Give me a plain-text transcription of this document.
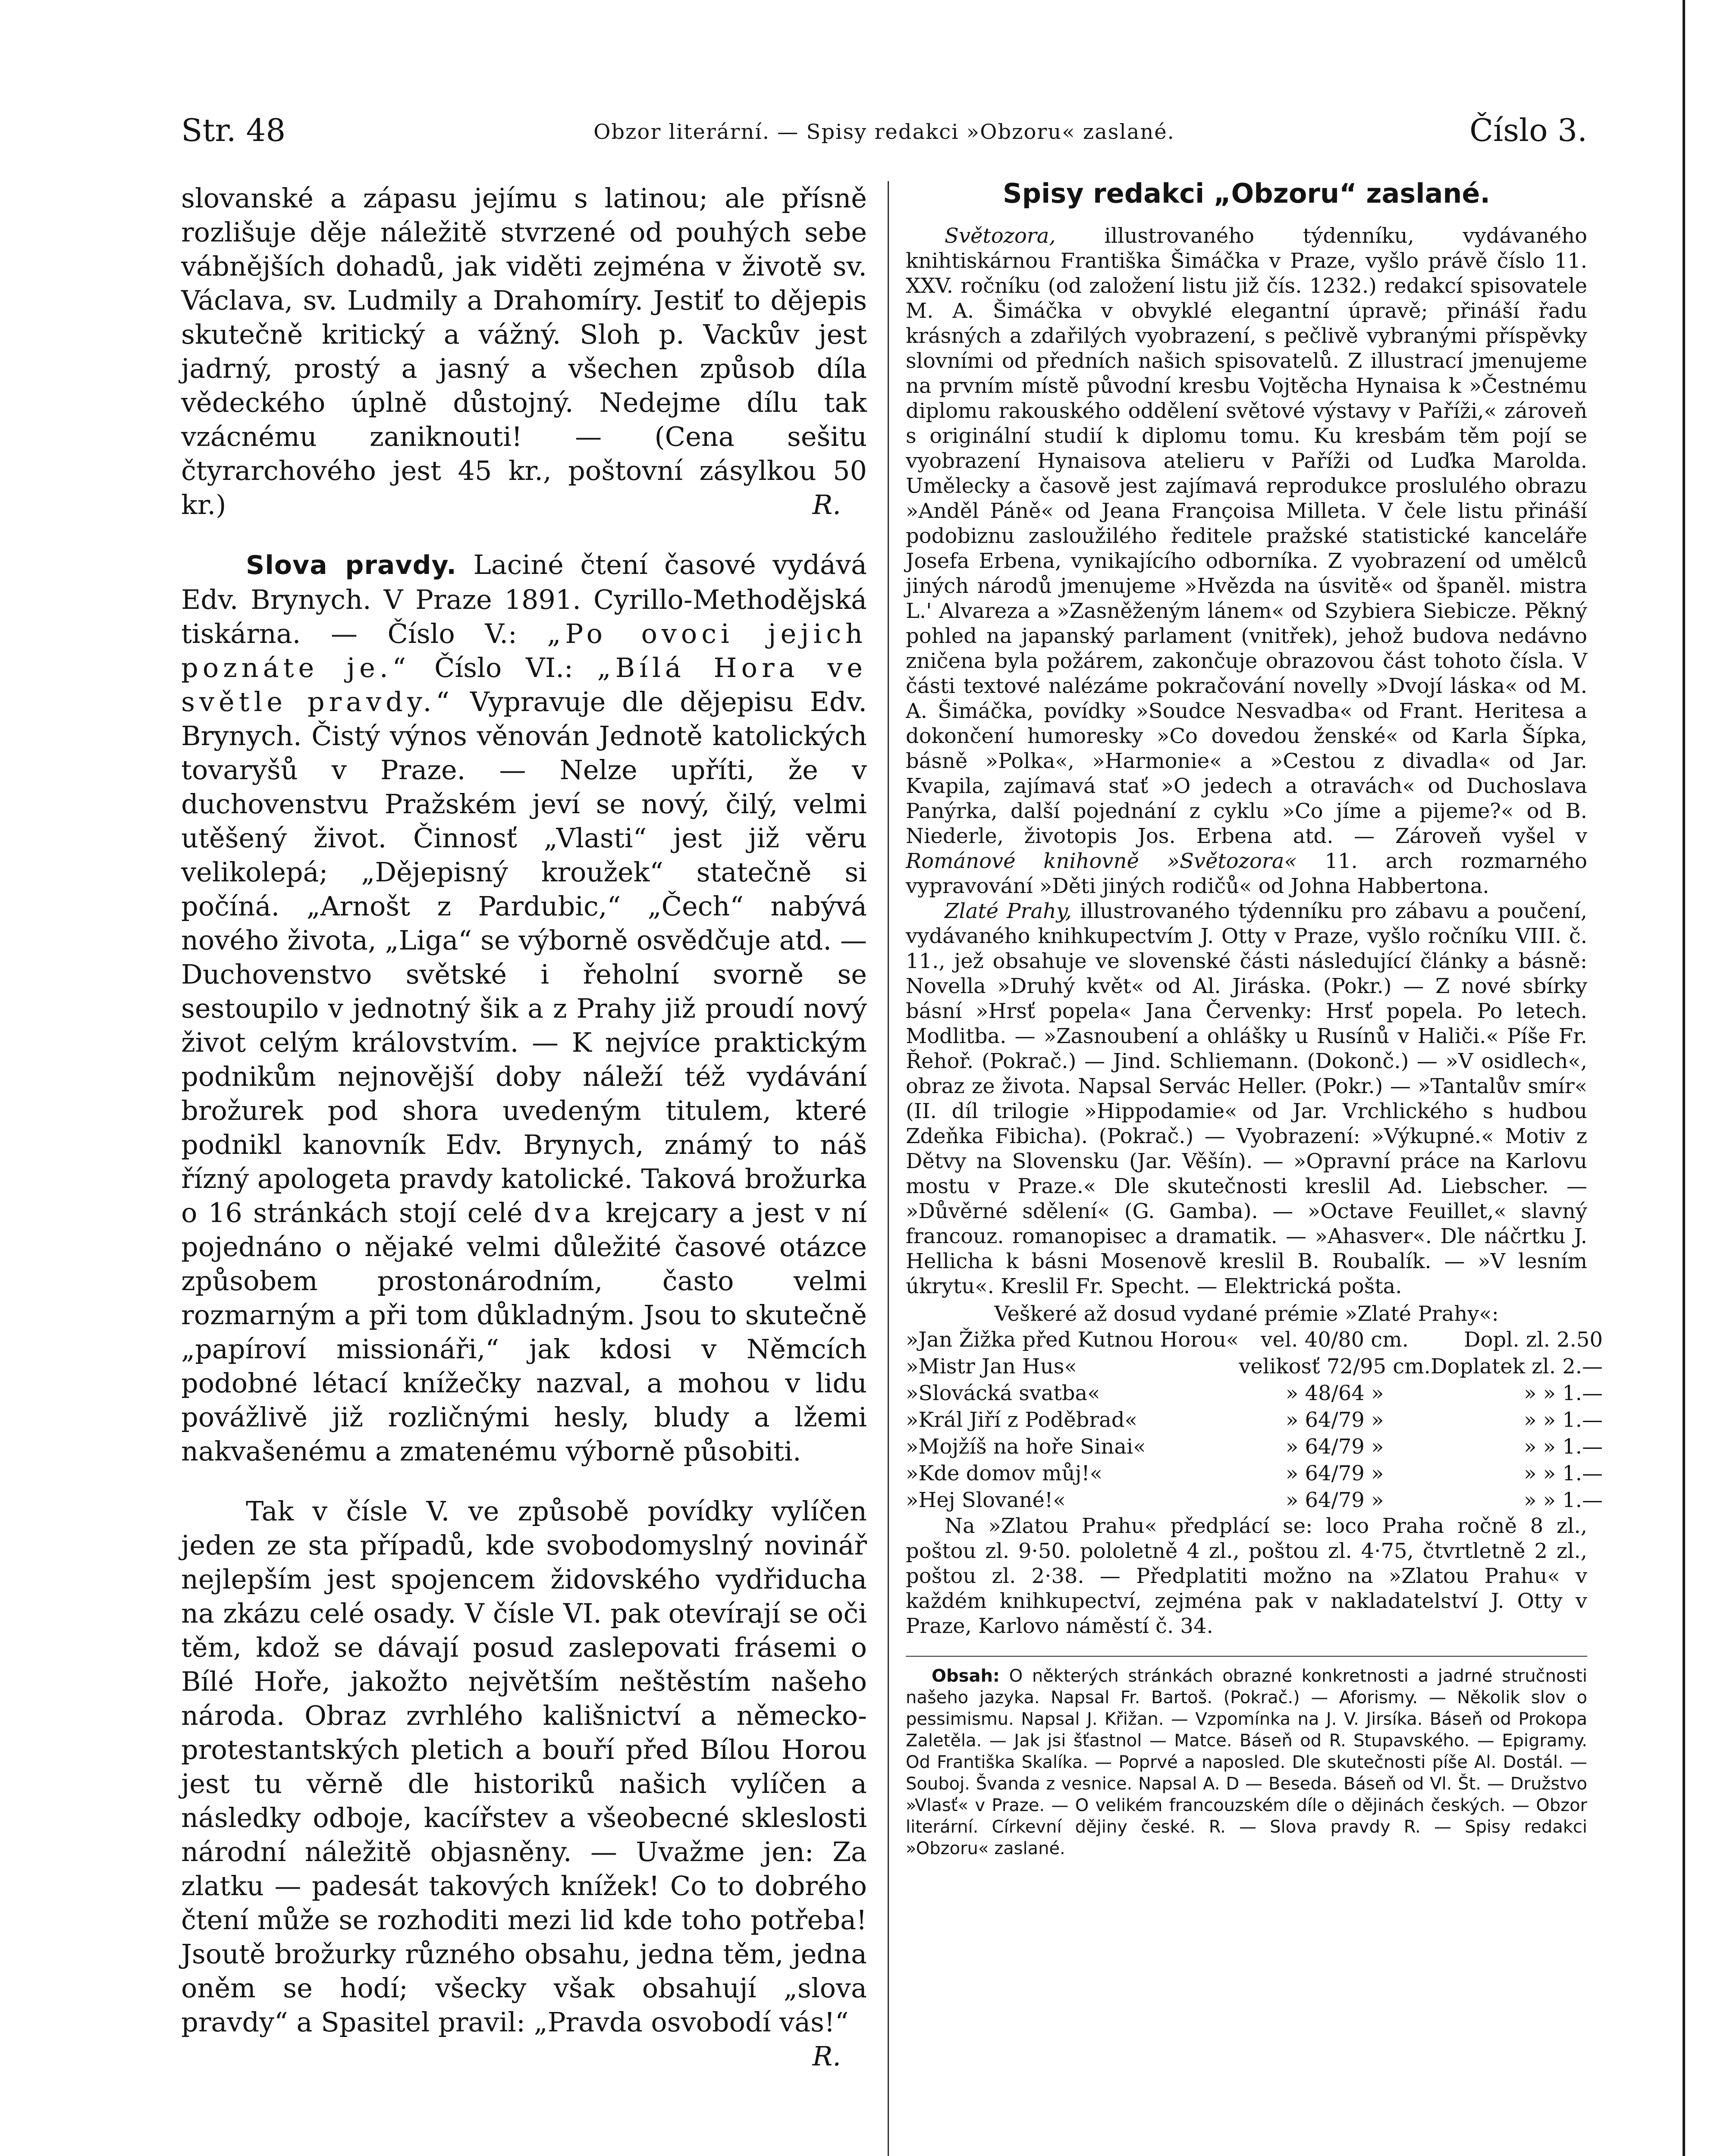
Str. 48	Obzor literární. — Spisy redakci »Obzoru« zaslané.	Číslo 3.

slovanské a zápasu jejímu s latinou; ale přísně rozlišuje děje náležitě stvrzené od pouhých sebe vábnějších dohadů, jak viděti zejména v životě sv. Václava, sv. Ludmily a Drahomíry. Jestiť to dějepis skutečně kritický a vážný. Sloh p. Vackův jest jadrný, prostý a jasný a všechen způsob díla vědeckého úplně důstojný. Nedejme dílu tak vzácnému zaniknouti! — (Cena sešitu čtyrarchového jest 45 kr., poštovní zásylkou 50 kr.)	R.

Slova pravdy. Laciné čtení časové vydává Edv. Brynych. V Praze 1891. Cyrillo-Methodějská tiskárna. — Číslo V.: „Po ovoci jejich poznáte je.“ Číslo VI.: „Bílá Hora ve světle pravdy.“ Vypravuje dle dějepisu Edv. Brynych. Čistý výnos věnován Jednotě katolických tovaryšů v Praze. — Nelze upříti, že v duchovenstvu Pražském jeví se nový, čilý, velmi utěšený život. Činnosť „Vlasti“ jest již věru velikolepá; „Dějepisný kroužek“ statečně si počíná. „Arnošt z Pardubic,“ „Čech“ nabývá nového života, „Liga“ se výborně osvědčuje atd. — Duchovenstvo světské i řeholní svorně se sestoupilo v jednotný šik a z Prahy již proudí nový život celým královstvím. — K nejvíce praktickým podnikům nejnovější doby náleží též vydávání brožurek pod shora uvedeným titulem, které podnikl kanovník Edv. Brynych, známý to náš řízný apologeta pravdy katolické. Taková brožurka o 16 stránkách stojí celé dva krejcary a jest v ní pojednáno o nějaké velmi důležité časové otázce způsobem prostonárodním, často velmi rozmarným a při tom důkladným. Jsou to skutečně „papíroví missionáři,“ jak kdosi v Němcích podobné létací knížečky nazval, a mohou v lidu povážlivě již rozličnými hesly, bludy a lžemi nakvašenému a zmatenému výborně působiti.

Tak v čísle V. ve způsobě povídky vylíčen jeden ze sta případů, kde svobodomyslný novinář nejlepším jest spojencem židovského vydřiducha na zkázu celé osady. V čísle VI. pak otevírají se oči těm, kdož se dávají posud zaslepovati frásemi o Bílé Hoře, jakožto největším neštěstím našeho národa. Obraz zvrhlého kališnictví a německo-protestantských pletich a bouří před Bílou Horou jest tu věrně dle historiků našich vylíčen a následky odboje, kacířstev a všeobecné skleslosti národní náležitě objasněny. — Uvažme jen: Za zlatku — padesát takových knížek! Co to dobrého čtení může se rozhoditi mezi lid kde toho potřeba! Jsoutě brožurky různého obsahu, jedna těm, jedna oněm se hodí; všecky však obsahují „slova pravdy“ a Spasitel pravil: „Pravda osvobodí vás!“
R.

Spisy redakci „Obzoru“ zaslané.

Světozora, illustrovaného týdenníku, vydávaného knihtiskárnou Františka Šimáčka v Praze, vyšlo právě číslo 11. XXV. ročníku (od založení listu již čís. 1232.) redakcí spisovatele M. A. Šimáčka v obvyklé elegantní úpravě; přináší řadu krásných a zdařilých vyobrazení, s pečlivě vybranými příspěvky slovními od předních našich spisovatelů. Z illustrací jmenujeme na prvním místě původní kresbu Vojtěcha Hynaisa k »Čestnému diplomu rakouského oddělení světové výstavy v Paříži,« zároveň s originální studií k diplomu tomu. Ku kresbám těm pojí se vyobrazení Hynaisova atelieru v Paříži od Luďka Marolda. Umělecky a časově jest zajímavá reprodukce proslulého obrazu »Anděl Páně« od Jeana Françoisa Milleta. V čele listu přináší podobiznu zasloužilého ředitele pražské statistické kanceláře Josefa Erbena, vynikajícího odborníka. Z vyobrazení od umělců jiných národů jmenujeme »Hvězda na úsvitě« od španěl. mistra L.' Alvareza a »Zasněženým lánem« od Szybiera Siebicze. Pěkný pohled na japanský parlament (vnitřek), jehož budova nedávno zničena byla požárem, zakončuje obrazovou část tohoto čísla. V části textové nalézáme pokračování novelly »Dvojí láska« od M. A. Šimáčka, povídky »Soudce Nesvadba« od Frant. Heritesa a dokončení humoresky »Co dovedou ženské« od Karla Šípka, básně »Polka«, »Harmonie« a »Cestou z divadla« od Jar. Kvapila, zajímavá stať »O jedech a otravách« od Duchoslava Panýrka, další pojednání z cyklu »Co jíme a pijeme?« od B. Niederle, životopis Jos. Erbena atd. — Zároveň vyšel v Románové knihovně »Světozora« 11. arch rozmarného vypravování »Děti jiných rodičů« od Johna Habbertona.

Zlaté Prahy, illustrovaného týdenníku pro zábavu a poučení, vydávaného knihkupectvím J. Otty v Praze, vyšlo ročníku VIII. č. 11., jež obsahuje ve slovenské části následující články a básně: Novella »Druhý květ« od Al. Jiráska. (Pokr.) — Z nové sbírky básní »Hrsť popela« Jana Červenky: Hrsť popela. Po letech. Modlitba. — »Zasnoubení a ohlášky u Rusínů v Haliči.« Píše Fr. Řehoř. (Pokrač.) — Jind. Schliemann. (Dokonč.) — »V osidlech«, obraz ze života. Napsal Servác Heller. (Pokr.) — »Tantalův smír« (II. díl trilogie »Hippodamie« od Jar. Vrchlického s hudbou Zdeňka Fibicha). (Pokrač.) — Vyobrazení: »Výkupné.« Motiv z Dětvy na Slovensku (Jar. Věšín). — »Opravní práce na Karlovu mostu v Praze.« Dle skutečnosti kreslil Ad. Liebscher. — »Důvěrné sdělení« (G. Gamba). — »Octave Feuillet,« slavný francouz. romanopisec a dramatik. — »Ahasver«. Dle náčrtku J. Hellicha k básni Mosenově kreslil B. Roubalík. — »V lesním úkrytu«. Kreslil Fr. Specht. — Elektrická pošta.

Veškeré až dosud vydané prémie »Zlaté Prahy«:
»Jan Žižka před Kutnou Horou«	vel. 40/80 cm.	Dopl. zl. 2.50
»Mistr Jan Hus«	velikosť 72/95 cm.	Doplatek zl. 2.—
»Slovácká svatba«	» 48/64 »	» » 1.—
»Král Jiří z Poděbrad«	» 64/79 »	» » 1.—
»Mojžíš na hoře Sinai«	» 64/79 »	» » 1.—
»Kde domov můj!«	» 64/79 »	» » 1.—
»Hej Slované!«	» 64/79 »	» » 1.—

Na »Zlatou Prahu« předplácí se: loco Praha ročně 8 zl., poštou zl. 9·50. pololetně 4 zl., poštou zl. 4·75, čtvrtletně 2 zl., poštou zl. 2·38. — Předplatiti možno na »Zlatou Prahu« v každém knihkupectví, zejména pak v nakladatelství J. Otty v Praze, Karlovo náměstí č. 34.

Obsah: O některých stránkách obrazné konkretnosti a jadrné stručnosti našeho jazyka. Napsal Fr. Bartoš. (Pokrač.) — Aforismy. — Několik slov o pessimismu. Napsal J. Křižan. — Vzpomínka na J. V. Jirsíka. Báseň od Prokopa Zaletěla. — Jak jsi šťastnol — Matce. Báseň od R. Stupavského. — Epigramy. Od Františka Skalíka. — Poprvé a naposled. Dle skutečnosti píše Al. Dostál. — Souboj. Švanda z vesnice. Napsal A. D — Beseda. Báseň od Vl. Št. — Družstvo »Vlasť« v Praze. — O velikém francouzském díle o dějinách českých. — Obzor literární. Církevní dějiny české. R. — Slova pravdy R. — Spisy redakci »Obzoru« zaslané.
